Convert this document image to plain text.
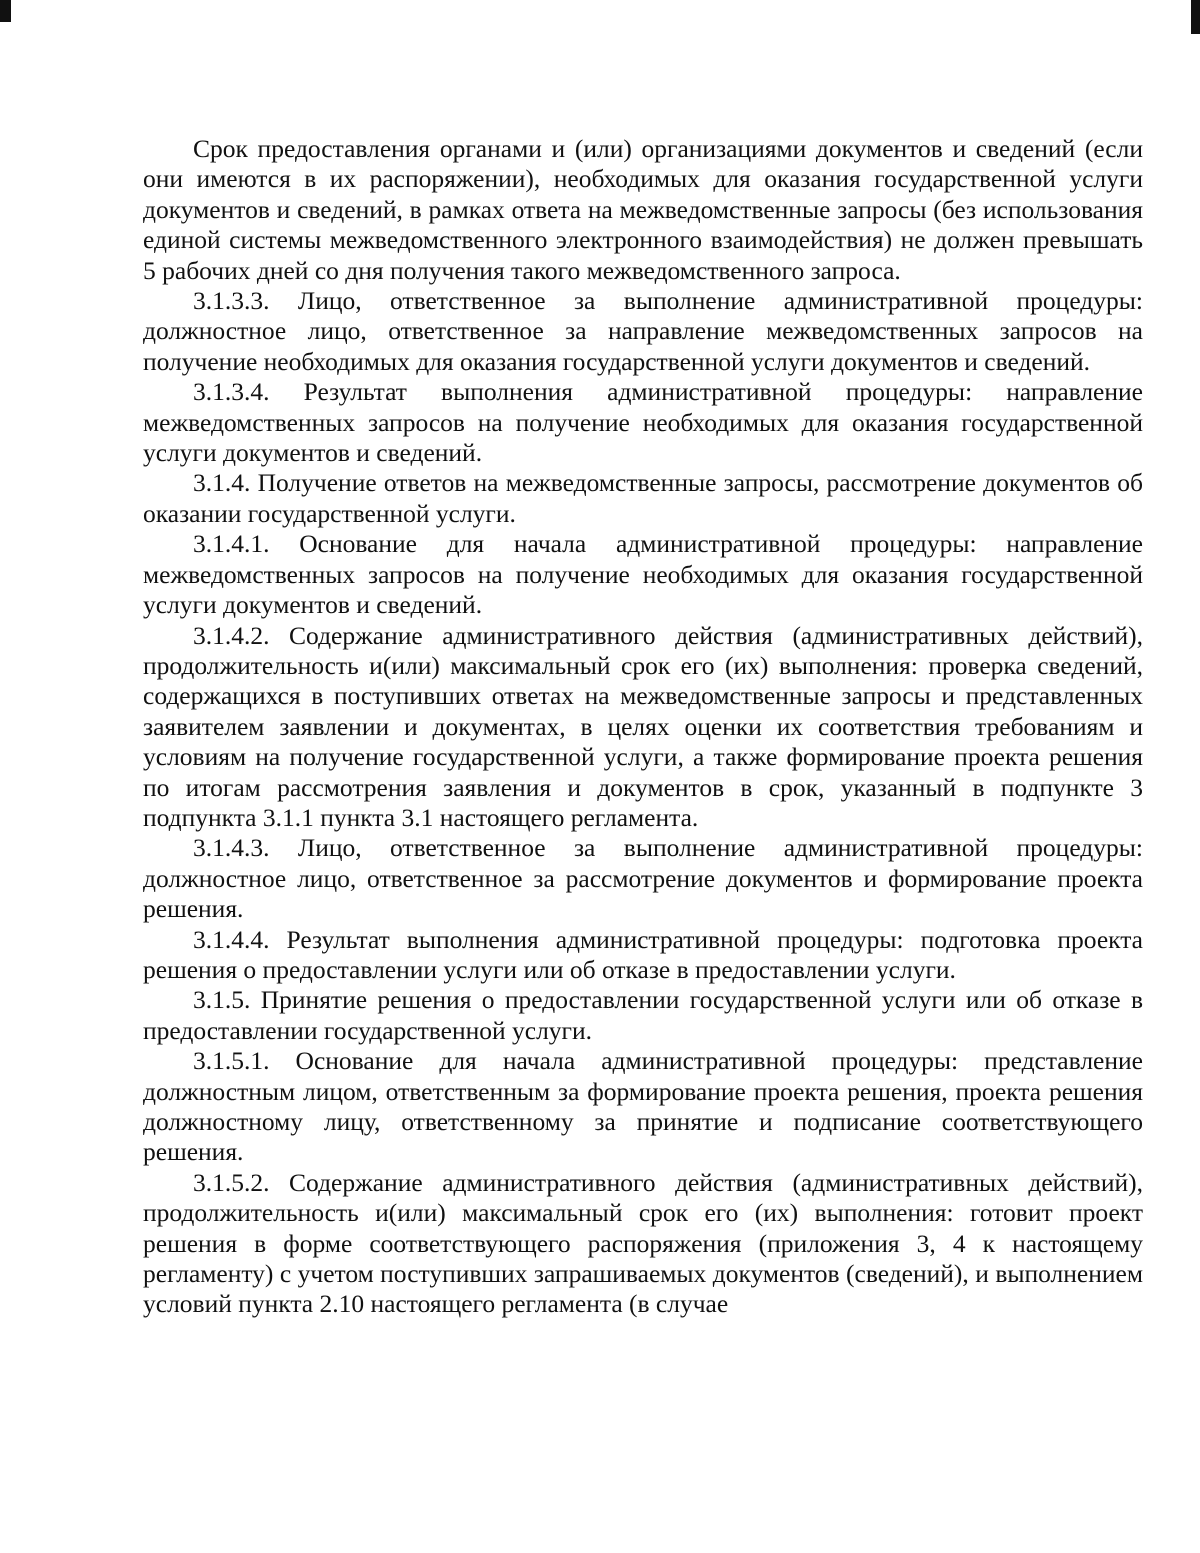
Срок предоставления органами и (или) организациями документов и сведений (если они имеются в их распоряжении), необходимых для оказания государственной услуги документов и сведений, в рамках ответа на межведомственные запросы (без использования единой системы межведомственного электронного взаимодействия) не должен превышать 5 рабочих дней со дня получения такого межведомственного запроса.

3.1.3.3. Лицо, ответственное за выполнение административной процедуры: должностное лицо, ответственное за направление межведомственных запросов на получение необходимых для оказания государственной услуги документов и сведений.

3.1.3.4. Результат выполнения административной процедуры: направление межведомственных запросов на получение необходимых для оказания государственной услуги документов и сведений.

3.1.4. Получение ответов на межведомственные запросы, рассмотрение документов об оказании государственной услуги.

3.1.4.1. Основание для начала административной процедуры: направление межведомственных запросов на получение необходимых для оказания государственной услуги документов и сведений.

3.1.4.2. Содержание административного действия (административных действий), продолжительность и(или) максимальный срок его (их) выполнения: проверка сведений, содержащихся в поступивших ответах на межведомственные запросы и представленных заявителем заявлении и документах, в целях оценки их соответствия требованиям и условиям на получение государственной услуги, а также формирование проекта решения по итогам рассмотрения заявления и документов в срок, указанный в подпункте 3 подпункта 3.1.1 пункта 3.1 настоящего регламента.

3.1.4.3. Лицо, ответственное за выполнение административной процедуры: должностное лицо, ответственное за рассмотрение документов и формирование проекта решения.

3.1.4.4. Результат выполнения административной процедуры: подготовка проекта решения о предоставлении услуги или об отказе в предоставлении услуги.

3.1.5. Принятие решения о предоставлении государственной услуги или об отказе в предоставлении государственной услуги.

3.1.5.1. Основание для начала административной процедуры: представление должностным лицом, ответственным за формирование проекта решения, проекта решения должностному лицу, ответственному за принятие и подписание соответствующего решения.

3.1.5.2. Содержание административного действия (административных действий), продолжительность и(или) максимальный срок его (их) выполнения: готовит проект решения в форме соответствующего распоряжения (приложения 3, 4 к настоящему регламенту) с учетом поступивших запрашиваемых документов (сведений), и выполнением условий пункта 2.10 настоящего регламента (в случае
